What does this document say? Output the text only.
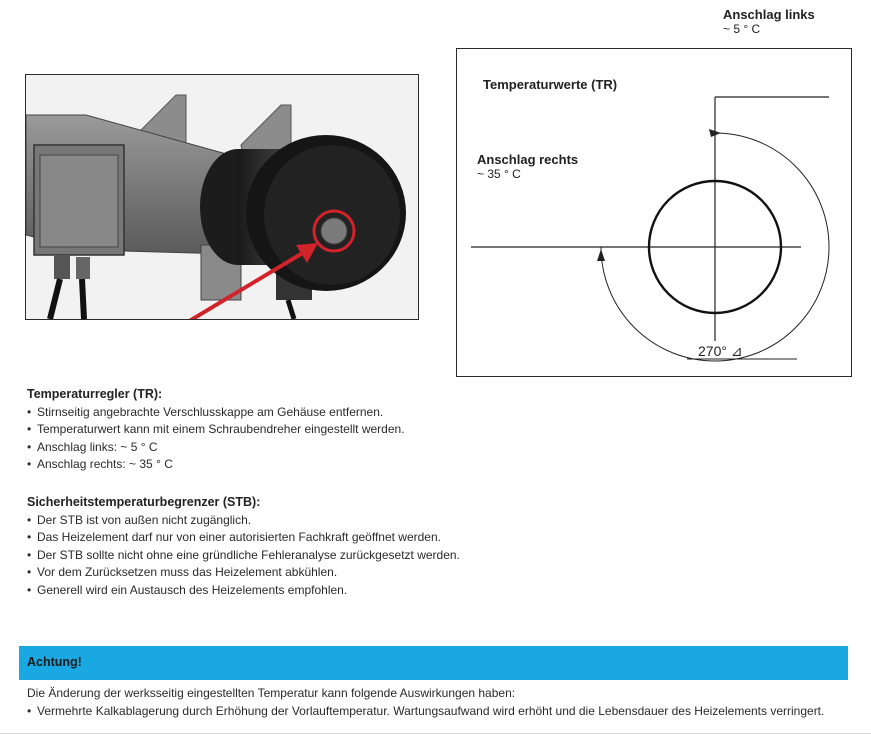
Anschlag links
~ 5 ° C
Temperaturwerte (TR)
Anschlag rechts
~ 35 ° C
270° ⊿
Temperaturregler (TR):
• Stirnseitig angebrachte Verschlusskappe am Gehäuse entfernen.
• Temperaturwert kann mit einem Schraubendreher eingestellt werden.
• Anschlag links: ~ 5 ° C
• Anschlag rechts: ~ 35 ° C
Sicherheitstemperaturbegrenzer (STB):
• Der STB ist von außen nicht zugänglich.
• Das Heizelement darf nur von einer autorisierten Fachkraft geöffnet werden.
• Der STB sollte nicht ohne eine gründliche Fehleranalyse zurückgesetzt werden.
• Vor dem Zurücksetzen muss das Heizelement abkühlen.
• Generell wird ein Austausch des Heizelements empfohlen.
Achtung!
Die Änderung der werksseitig eingestellten Temperatur kann folgende Auswirkungen haben:
• Vermehrte Kalkablagerung durch Erhöhung der Vorlauftemperatur. Wartungsaufwand wird erhöht und die Lebensdauer des Heizelements verringert.
